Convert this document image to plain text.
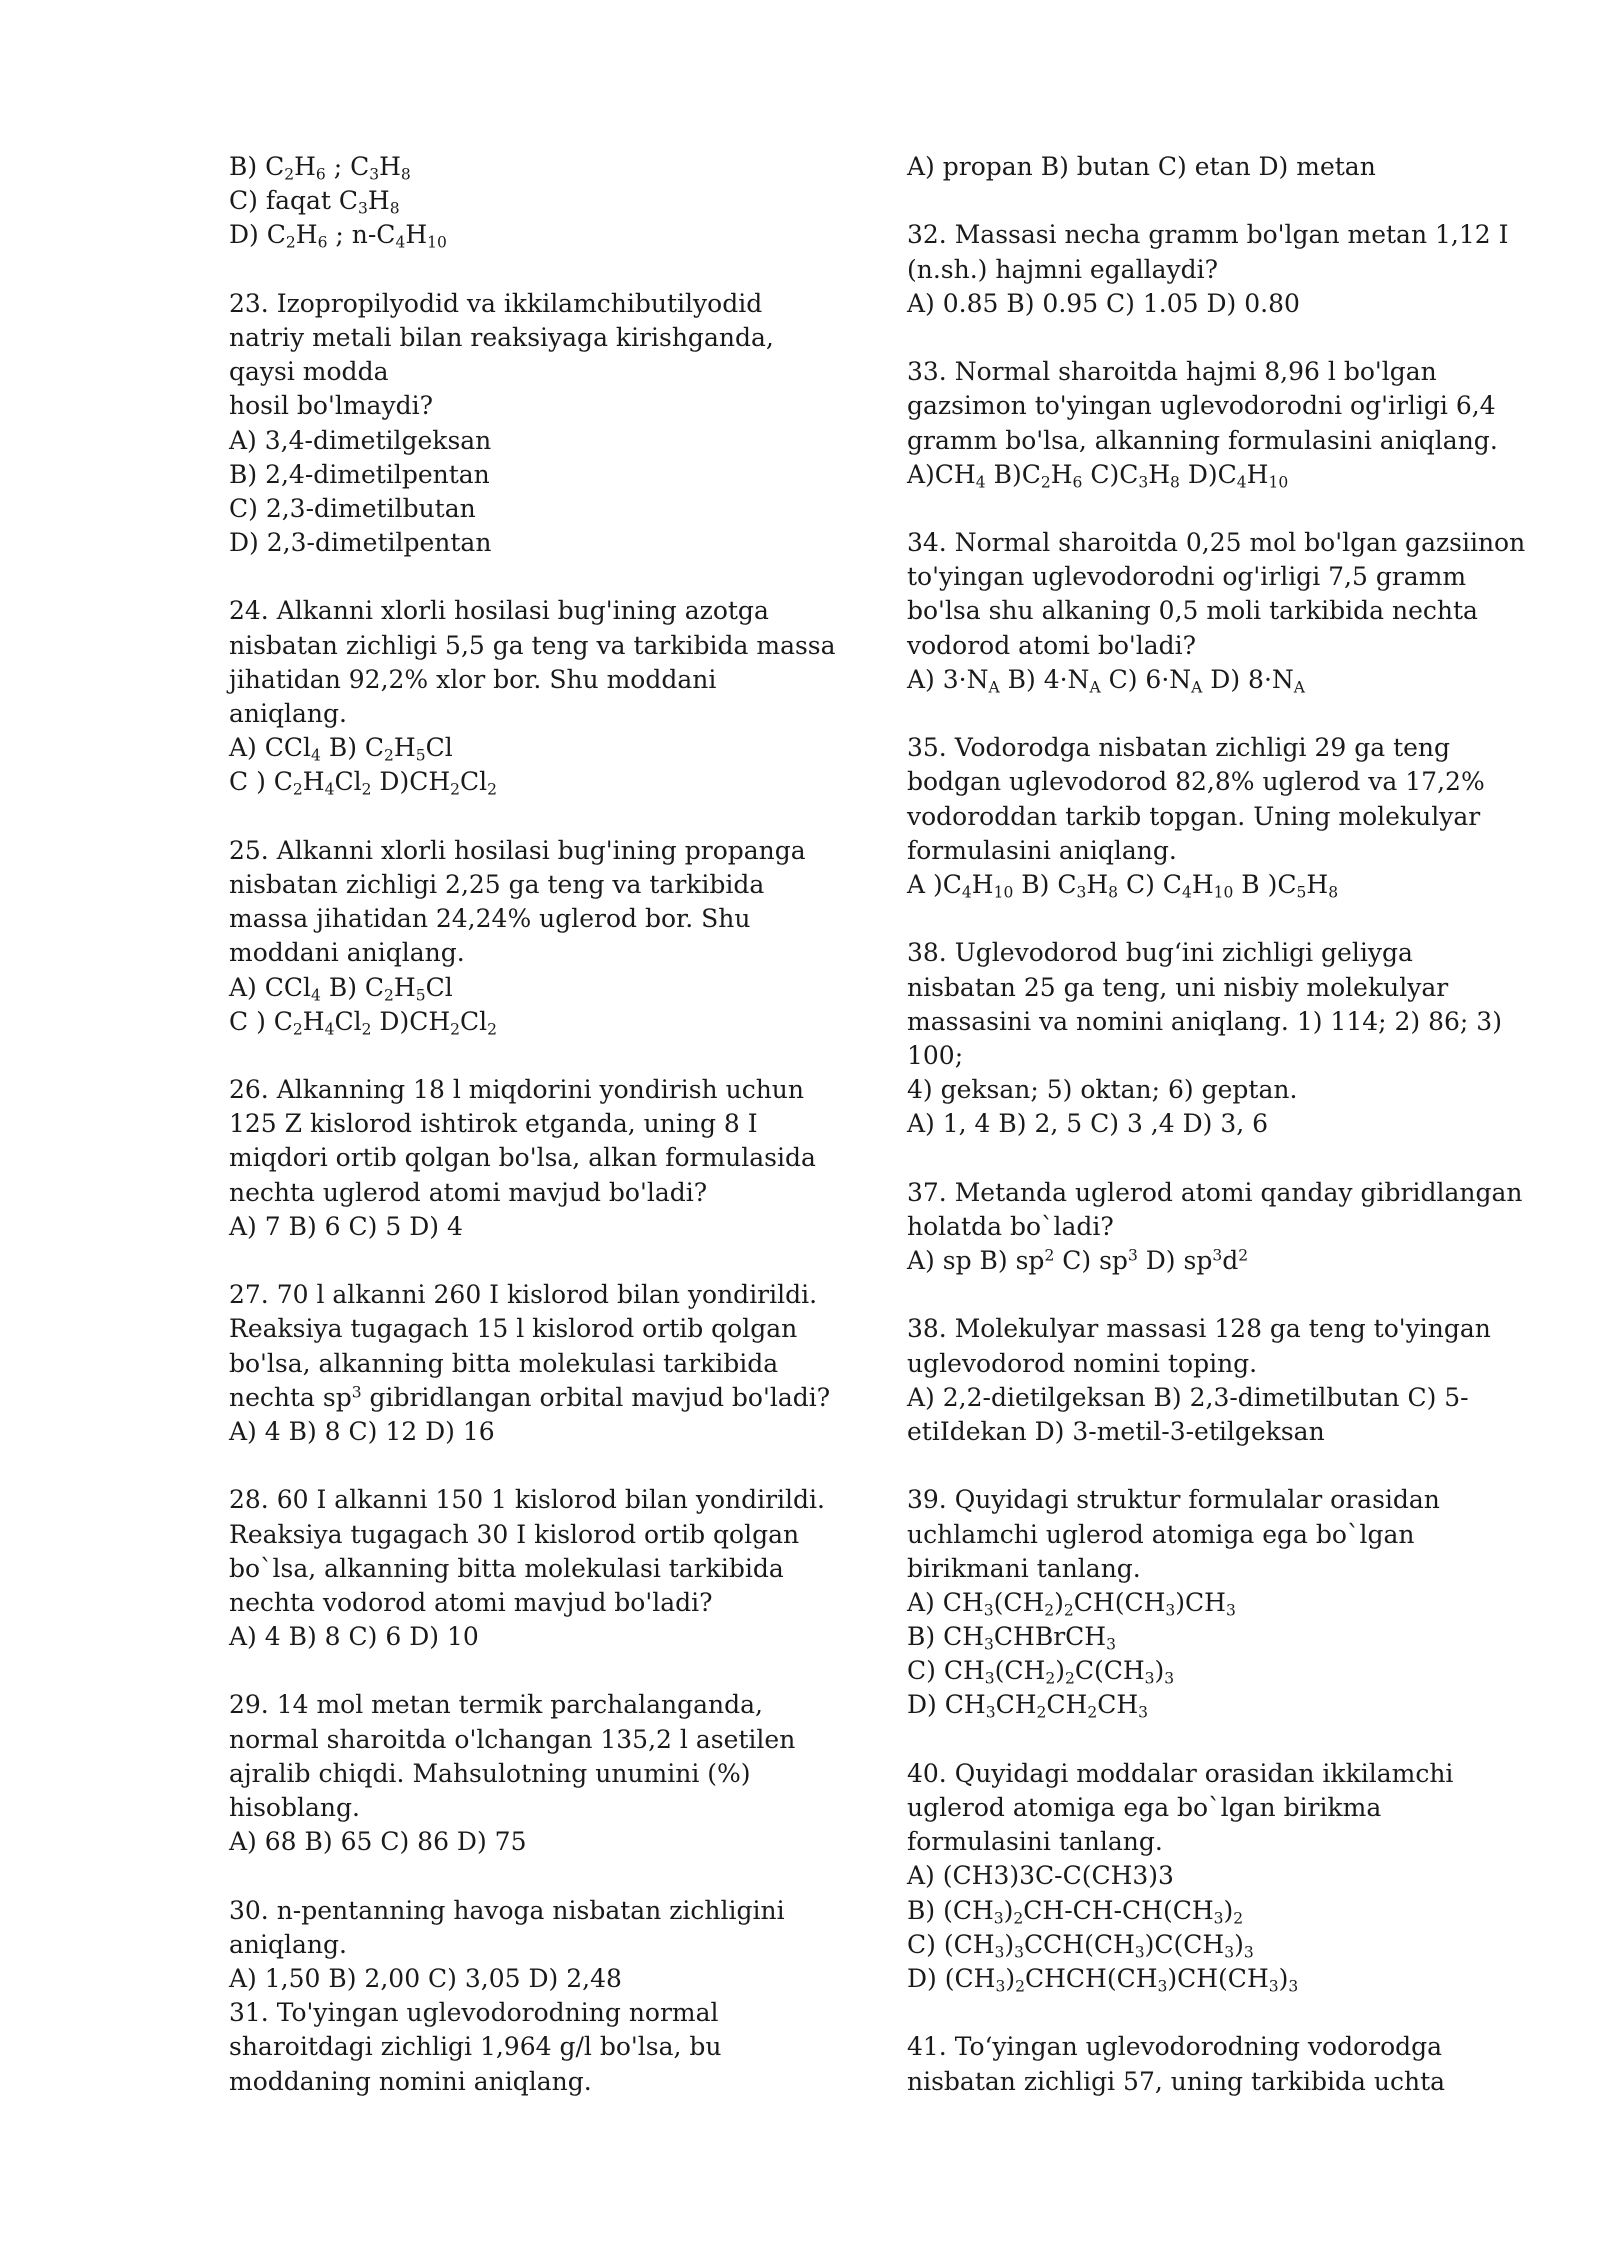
B) $C_2H_6$ ; $C_3H_8$
C) faqat $C_3H_8$
D) $C_2H_6$ ; $n-C_4H_{10}$
23. Izopropilyodid va ikkilamchibutilyodid
natriy metali bilan reaksiyaga kirishganda,
qaysi modda
hosil bo'lmaydi?
A) 3,4-dimetilgeksan
B) 2,4-dimetilpentan
C) 2,3-dimetilbutan
D) 2,3-dimetilpentan
24. Alkanni xlorli hosilasi bug'ining azotga
nisbatan zichligi 5,5 ga teng va tarkibida massa
jihatidan 92,2% xlor bor. Shu moddani
aniqlang.
A) CCl$_4$ B) $C_2H_5Cl$
C ) $C_2H_4Cl_2$ $D)CH_2Cl_2$
25. Alkanni xlorli hosilasi bug'ining propanga
nisbatan zichligi 2,25 ga teng va tarkibida
massa jihatidan 24,24% uglerod bor. Shu
moddani aniqlang.
A) CCl$_4$ B) $C_2H_5Cl$
C ) $C_2H_4Cl_2$ $D)CH_2Cl_2$
26. Alkanning 18 l miqdorini yondirish uchun
125 Z kislorod ishtirok etganda, uning 8 I
miqdori ortib qolgan bo'lsa, alkan formulasida
nechta uglerod atomi mavjud bo'ladi?
A) 7 B) 6 C) 5 D) 4
27. 70 l alkanni 260 I kislorod bilan yondirildi.
Reaksiya tugagach 15 l kislorod ortib qolgan
bo'lsa, alkanning bitta molekulasi tarkibida
nechta $sp^3$ gibridlangan orbital mavjud bo'ladi?
A) 4 B) 8 C) 12 D) 16
28. 60 I alkanni 150 1 kislorod bilan yondirildi.
Reaksiya tugagach 30 I kislorod ortib qolgan
bo`lsa, alkanning bitta molekulasi tarkibida
nechta vodorod atomi mavjud bo'ladi?
A) 4 B) 8 C) 6 D) 10
29. 14 mol metan termik parchalanganda,
normal sharoitda o'lchangan 135,2 l asetilen
ajralib chiqdi. Mahsulotning unumini (%)
hisoblang.
A) 68 B) 65 C) 86 D) 75
30. n-pentanning havoga nisbatan zichligini
aniqlang.
A) 1,50 B) 2,00 C) 3,05 D) 2,48
31. To'yingan uglevodorodning normal
sharoitdagi zichligi 1,964 g/l bo'lsa, bu
moddaning nomini aniqlang.
A) propan B) butan C) etan D) metan
32. Massasi necha gramm bo'lgan metan 1,12 I
(n.sh.) hajmni egallaydi?
A) 0.85 B) 0.95 C) 1.05 D) 0.80
33. Normal sharoitda hajmi 8,96 l bo'lgan
gazsimon to'yingan uglevodorodni og'irligi 6,4
gramm bo'lsa, alkanning formulasini aniqlang.
$A)CH_4$ $B)C_2H_6$ $C)C_3H_8$ $D)C_4H_{10}$
34. Normal sharoitda 0,25 mol bo'lgan gazsiinon
to'yingan uglevodorodni og'irligi 7,5 gramm
bo'lsa shu alkaning 0,5 moli tarkibida nechta
vodorod atomi bo'ladi?
A) $3\cdot N_A$ B) $4\cdot N_A$ C) $6\cdot N_A$ D) $8\cdot N_A$
35. Vodorodga nisbatan zichligi 29 ga teng
bodgan uglevodorod 82,8% uglerod va 17,2%
vodoroddan tarkib topgan. Uning molekulyar
formulasini aniqlang.
A )$C_4H_{10}$ B) $C_3H_8$ C) $C_4H_{10}$ B )$C_5H_8$
38. Uglevodorod bug‘ini zichligi geliyga
nisbatan 25 ga teng, uni nisbiy molekulyar
massasini va nomini aniqlang. 1) 114; 2) 86; 3)
100;
4) geksan; 5) oktan; 6) geptan.
A) 1, 4 B) 2, 5 C) 3 ,4 D) 3, 6
37. Metanda uglerod atomi qanday gibridlangan
holatda bo`ladi?
A) sp B) $sp^2$ C) $sp^3$ D) $sp^3d^2$
38. Molekulyar massasi 128 ga teng to'yingan
uglevodorod nomini toping.
A) 2,2-dietilgeksan B) 2,3-dimetilbutan C) 5-
etiIdekan D) 3-metil-3-etilgeksan
39. Quyidagi struktur formulalar orasidan
uchlamchi uglerod atomiga ega bo`lgan
birikmani tanlang.
A) $CH_3(CH_2)_2CH(CH_3)CH_3$
B) $CH_3CHBrCH_3$
C) $CH_3(CH_2)_2C(CH_3)_3$
D) $CH_3CH_2CH_2CH_3$
40. Quyidagi moddalar orasidan ikkilamchi
uglerod atomiga ega bo`lgan birikma
formulasini tanlang.
A) (CH3)3C-C(CH3)3
B) $(CH_3)_2CH-CH-CH(CH_3)_2$
C) $(CH_3)_3CCH(CH_3)C(CH_3)_3$
D) $(CH_3)_2CHCH(CH_3)CH(CH_3)_3$
41. To‘yingan uglevodorodning vodorodga
nisbatan zichligi 57, uning tarkibida uchta
